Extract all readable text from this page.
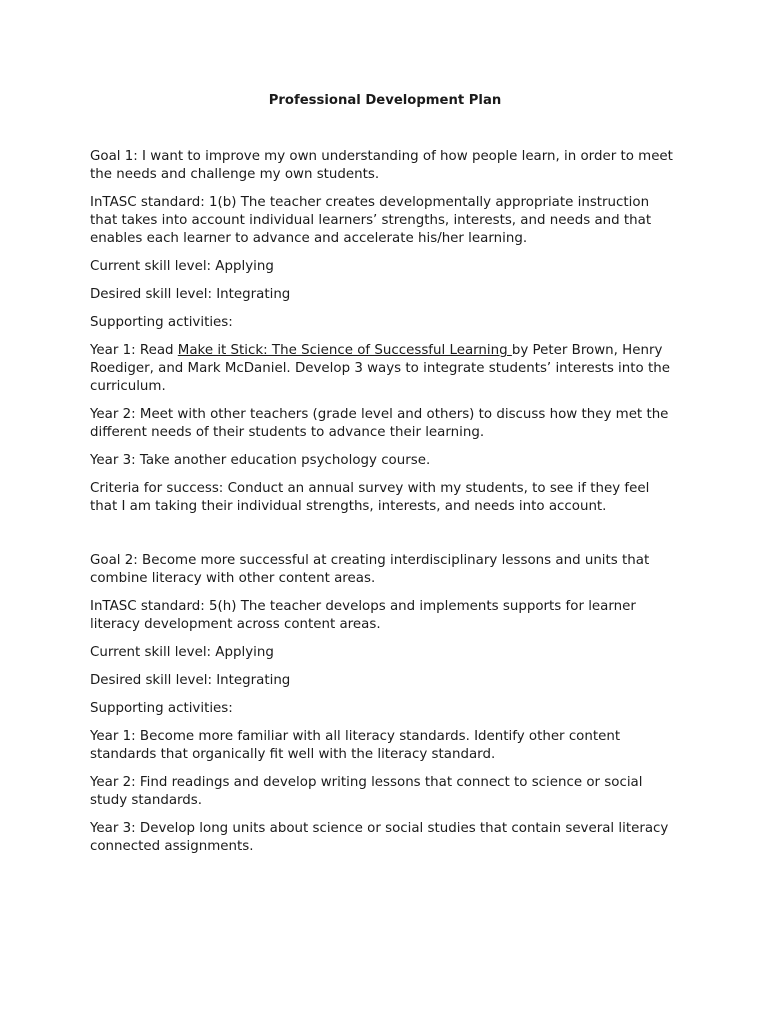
Professional Development Plan

Goal 1: I want to improve my own understanding of how people learn, in order to meet the needs and challenge my own students.

InTASC standard: 1(b) The teacher creates developmentally appropriate instruction that takes into account individual learners’ strengths, interests, and needs and that enables each learner to advance and accelerate his/her learning.

Current skill level: Applying

Desired skill level: Integrating

Supporting activities:

Year 1: Read Make it Stick: The Science of Successful Learning by Peter Brown, Henry Roediger, and Mark McDaniel. Develop 3 ways to integrate students’ interests into the curriculum.

Year 2: Meet with other teachers (grade level and others) to discuss how they met the different needs of their students to advance their learning.

Year 3: Take another education psychology course.

Criteria for success: Conduct an annual survey with my students, to see if they feel that I am taking their individual strengths, interests, and needs into account.

Goal 2: Become more successful at creating interdisciplinary lessons and units that combine literacy with other content areas.

InTASC standard: 5(h) The teacher develops and implements supports for learner literacy development across content areas.

Current skill level: Applying

Desired skill level: Integrating

Supporting activities:

Year 1: Become more familiar with all literacy standards. Identify other content standards that organically fit well with the literacy standard.

Year 2: Find readings and develop writing lessons that connect to science or social study standards.

Year 3: Develop long units about science or social studies that contain several literacy connected assignments.
